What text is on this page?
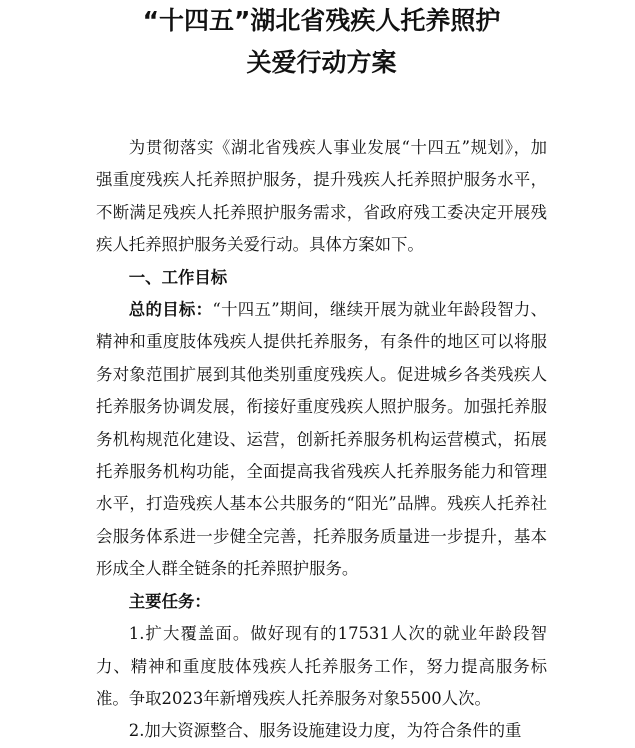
“十四五”湖北省残疾人托养照护
关爱行动方案

为贯彻落实《湖北省残疾人事业发展“十四五”规划》，加强重度残疾人托养照护服务，提升残疾人托养照护服务水平，不断满足残疾人托养照护服务需求，省政府残工委决定开展残疾人托养照护服务关爱行动。具体方案如下。

一、工作目标

总的目标：“十四五”期间，继续开展为就业年龄段智力、精神和重度肢体残疾人提供托养服务，有条件的地区可以将服务对象范围扩展到其他类别重度残疾人。促进城乡各类残疾人托养服务协调发展，衔接好重度残疾人照护服务。加强托养服务机构规范化建设、运营，创新托养服务机构运营模式，拓展托养服务机构功能，全面提高我省残疾人托养服务能力和管理水平，打造残疾人基本公共服务的“阳光”品牌。残疾人托养社会服务体系进一步健全完善，托养服务质量进一步提升，基本形成全人群全链条的托养照护服务。

主要任务：

1.扩大覆盖面。做好现有的17531人次的就业年龄段智力、精神和重度肢体残疾人托养服务工作，努力提高服务标准。争取2023年新增残疾人托养服务对象5500人次。

2.加大资源整合、服务设施建设力度，为符合条件的重
